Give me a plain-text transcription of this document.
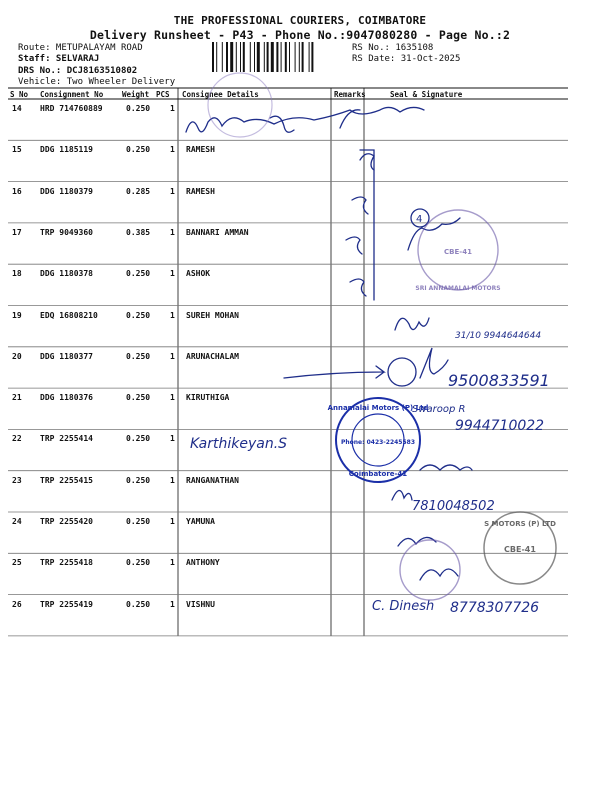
THE PROFESSIONAL COURIERS, COIMBATORE
Delivery Runsheet - P43 - Phone No.:9047080280 - Page No.:2
Route: METUPALAYAM ROAD
Staff: SELVARAJ
DRS No.: DCJ8163510802
Vehicle: Two Wheeler Delivery
RS No.: 1635108
RS Date: 31-Oct-2025
S No Consignment No	Weight PCS Consignee Details	Remarks	Seal & Signature
14 HRD 714760889	0.250 1
15 DDG 1185119	0.250 1 RAMESH
16 DDG 1180379	0.285 1 RAMESH
17 TRP 9049360	0.385 1 BANNARI AMMAN
18 DDG 1180378	0.250 1 ASHOK
19 EDQ 16808210	0.250 1 SUREH MOHAN
20 DDG 1180377	0.250 1 ARUNACHALAM
21 DDG 1180376	0.250 1 KIRUTHIGA
22 TRP 2255414	0.250 1
23 TRP 2255415	0.250 1 RANGANATHAN
24 TRP 2255420	0.250 1 YAMUNA
25 TRP 2255418	0.250 1 ANTHONY
26 TRP 2255419	0.250 1 VISHNU
Karthikeyan.S
9500833591
9944710022
7810048502
8778307726
31/10 9944644644
Swaroop R
C. Dinesh
4
Annamalai Motors (P) Ltd
Phone: 0423-2245583
Coimbatore-41
S MOTORS (P) LTD
CBE-41
SRI ANNAMALAI MOTORS
CBE-41
